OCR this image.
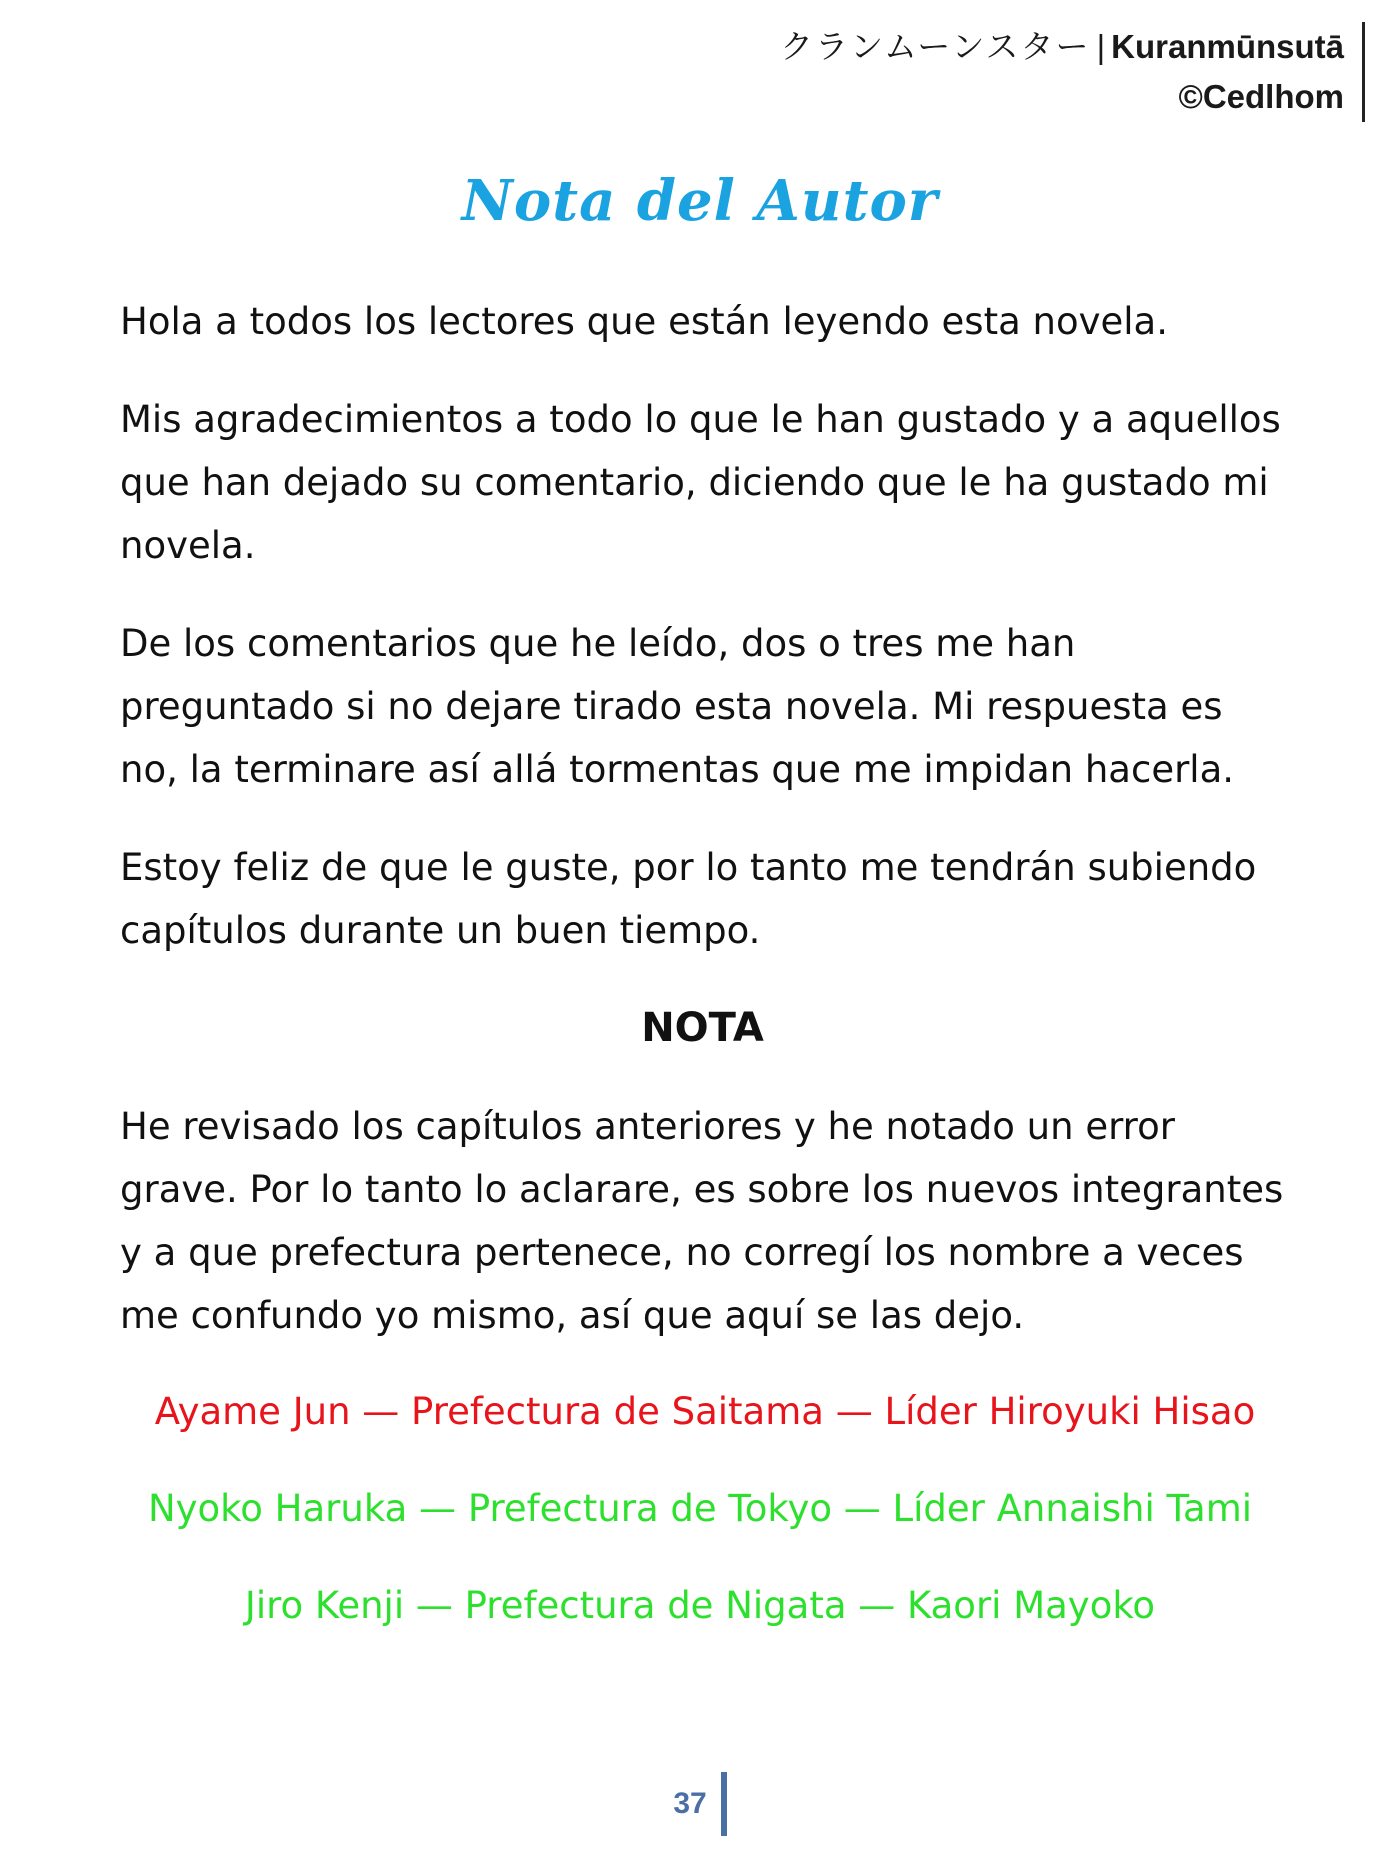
クランムーンスター | Kuranmūnsutā
©Cedlhom
Nota del Autor

Hola a todos los lectores que están leyendo esta novela.

Mis agradecimientos a todo lo que le han gustado y a aquellos que han dejado su comentario, diciendo que le ha gustado mi novela.

De los comentarios que he leído, dos o tres me han preguntado si no dejare tirado esta novela. Mi respuesta es no, la terminare así allá tormentas que me impidan hacerla.

Estoy feliz de que le guste, por lo tanto me tendrán subiendo capítulos durante un buen tiempo.

NOTA

He revisado los capítulos anteriores y he notado un error grave. Por lo tanto lo aclarare, es sobre los nuevos integrantes y a que prefectura pertenece, no corregí los nombre a veces me confundo yo mismo, así que aquí se las dejo.

Ayame Jun — Prefectura de Saitama — Líder Hiroyuki Hisao
Nyoko Haruka — Prefectura de Tokyo — Líder Annaishi Tami
Jiro Kenji — Prefectura de Nigata — Kaori Mayoko
37
